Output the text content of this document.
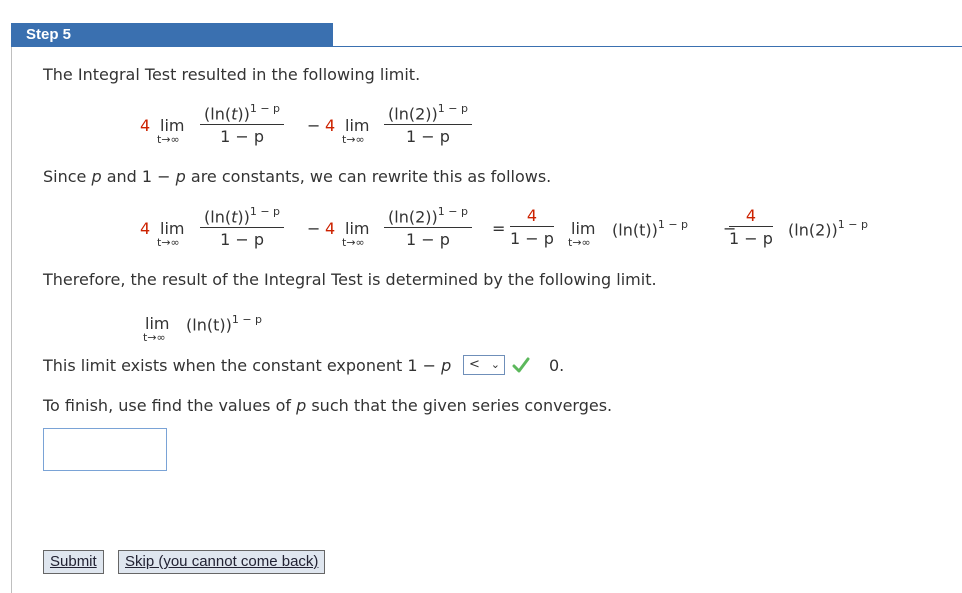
Step 5
The Integral Test resulted in the following limit.
4 lim
$t\to\infty \frac{(\ln(t))^{1 - p}}{1 - p} - 4$ lim
$t\to\infty \frac{(\ln(2))^{1 - p}}{1 - p}$
Since p and 1 − p are constants, we can rewrite this as follows.
4 lim
$t\to\infty \frac{(\ln(t))^{1 - p}}{1 - p} - 4$ lim
$t\to\infty \frac{(\ln(2))^{1 - p}}{1 - p} = \frac{4}{1 - p}$ lim
t→∞
$(\ln(t))^{1 - p}$ −
$\frac{4}{1 - p} (\ln(2))^{1 - p}$
Therefore, the result of the Integral Test is determined by the following limit.
lim
t→∞
$(\ln(t))^{1 - p}$
This limit exists when the constant exponent 1 − p	< ⌄	0.
To finish, use find the values of p such that the given series converges.
Submit	Skip (you cannot come back)
